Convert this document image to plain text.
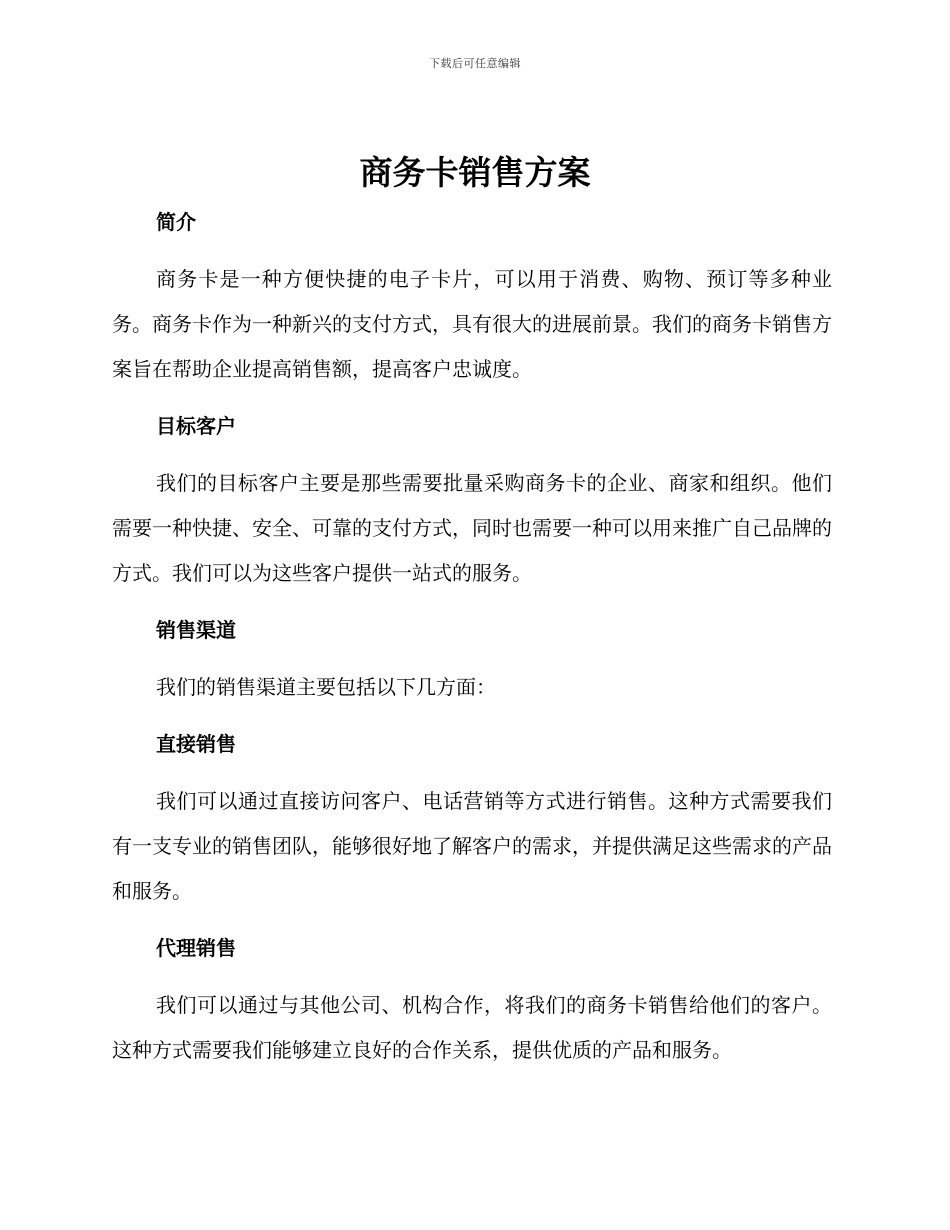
下载后可任意编辑
商务卡销售方案
简介

商务卡是一种方便快捷的电子卡片，可以用于消费、购物、预订等多种业务。商务卡作为一种新兴的支付方式，具有很大的进展前景。我们的商务卡销售方案旨在帮助企业提高销售额，提高客户忠诚度。

目标客户

我们的目标客户主要是那些需要批量采购商务卡的企业、商家和组织。他们需要一种快捷、安全、可靠的支付方式，同时也需要一种可以用来推广自己品牌的方式。我们可以为这些客户提供一站式的服务。

销售渠道

我们的销售渠道主要包括以下几方面：

直接销售

我们可以通过直接访问客户、电话营销等方式进行销售。这种方式需要我们有一支专业的销售团队，能够很好地了解客户的需求，并提供满足这些需求的产品和服务。

代理销售

我们可以通过与其他公司、机构合作，将我们的商务卡销售给他们的客户。这种方式需要我们能够建立良好的合作关系，提供优质的产品和服务。
